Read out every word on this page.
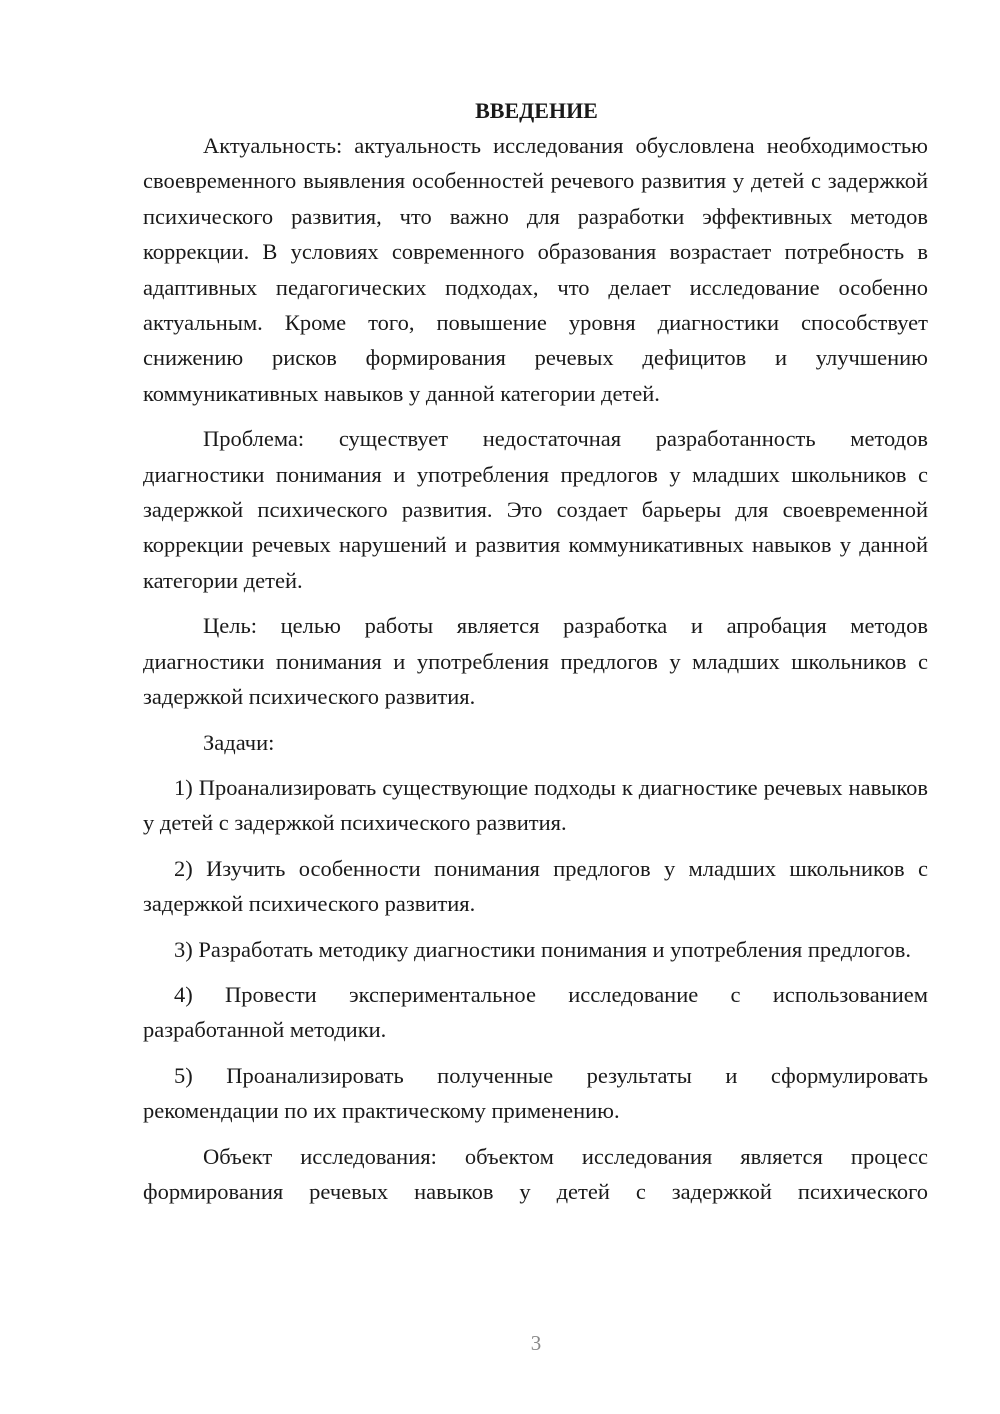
ВВЕДЕНИЕ

Актуальность: актуальность исследования обусловлена необходимостью своевременного выявления особенностей речевого развития у детей с задержкой психического развития, что важно для разработки эффективных методов коррекции. В условиях современного образования возрастает потребность в адаптивных педагогических подходах, что делает исследование особенно актуальным. Кроме того, повышение уровня диагностики способствует снижению рисков формирования речевых дефицитов и улучшению коммуникативных навыков у данной категории детей.

Проблема: существует недостаточная разработанность методов диагностики понимания и употребления предлогов у младших школьников с задержкой психического развития. Это создает барьеры для своевременной коррекции речевых нарушений и развития коммуникативных навыков у данной категории детей.

Цель: целью работы является разработка и апробация методов диагностики понимания и употребления предлогов у младших школьников с задержкой психического развития.

Задачи:

1) Проанализировать существующие подходы к диагностике речевых навыков у детей с задержкой психического развития.

2) Изучить особенности понимания предлогов у младших школьников с задержкой психического развития.

3) Разработать методику диагностики понимания и употребления предлогов.

4) Провести экспериментальное исследование с использованием разработанной методики.

5) Проанализировать полученные результаты и сформулировать рекомендации по их практическому применению.

Объект исследования: объектом исследования является процесс формирования речевых навыков у детей с задержкой психического

3
